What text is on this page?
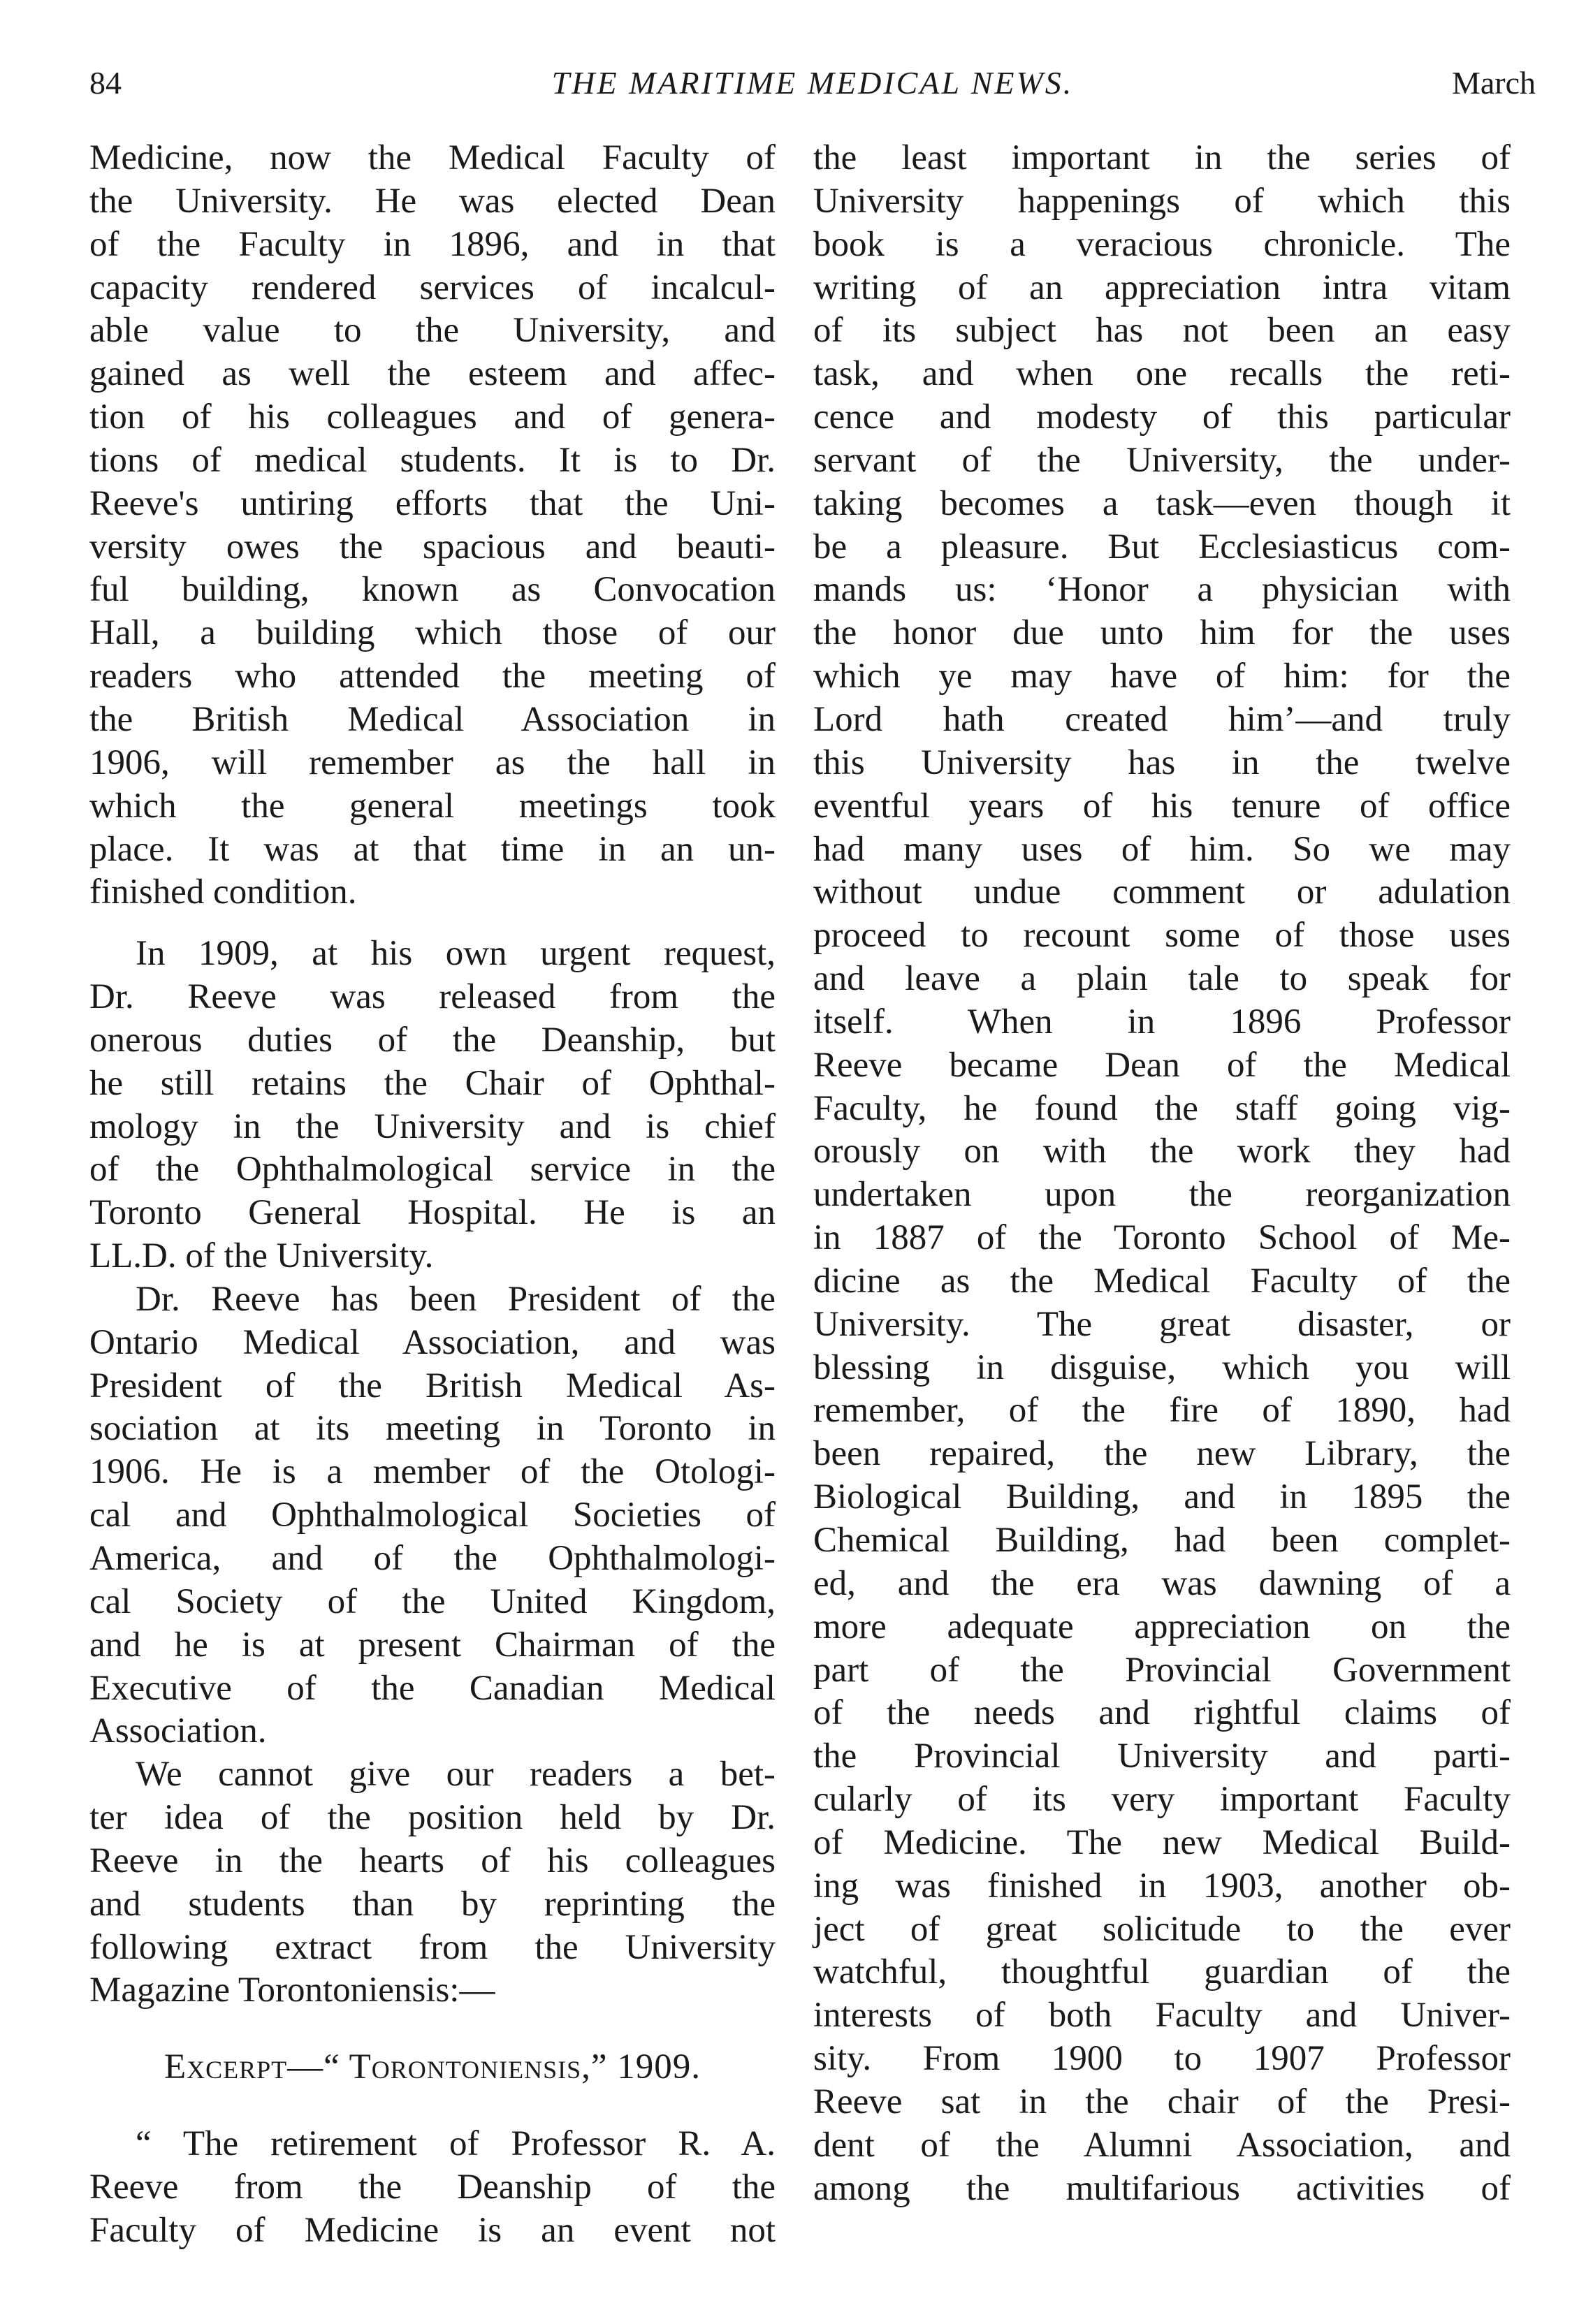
84	THE MARITIME MEDICAL NEWS.	March
Medicine, now the Medical Faculty of
the University. He was elected Dean
of the Faculty in 1896, and in that
capacity rendered services of incalcul-
able value to the University, and
gained as well the esteem and affec-
tion of his colleagues and of genera-
tions of medical students. It is to Dr.
Reeve's untiring efforts that the Uni-
versity owes the spacious and beauti-
ful building, known as Convocation
Hall, a building which those of our
readers who attended the meeting of
the British Medical Association in
1906, will remember as the hall in
which the general meetings took
place. It was at that time in an un-
finished condition.
In 1909, at his own urgent request,
Dr. Reeve was released from the
onerous duties of the Deanship, but
he still retains the Chair of Ophthal-
mology in the University and is chief
of the Ophthalmological service in the
Toronto General Hospital. He is an
LL.D. of the University.
Dr. Reeve has been President of the
Ontario Medical Association, and was
President of the British Medical As-
sociation at its meeting in Toronto in
1906. He is a member of the Otologi-
cal and Ophthalmological Societies of
America, and of the Ophthalmologi-
cal Society of the United Kingdom,
and he is at present Chairman of the
Executive of the Canadian Medical
Association.
We cannot give our readers a bet-
ter idea of the position held by Dr.
Reeve in the hearts of his colleagues
and students than by reprinting the
following extract from the University
Magazine Torontoniensis:—
Excerpt—“ Torontoniensis,” 1909.
“ The retirement of Professor R. A.
Reeve from the Deanship of the
Faculty of Medicine is an event not
the least important in the series of
University happenings of which this
book is a veracious chronicle. The
writing of an appreciation intra vitam
of its subject has not been an easy
task, and when one recalls the reti-
cence and modesty of this particular
servant of the University, the under-
taking becomes a task—even though it
be a pleasure. But Ecclesiasticus com-
mands us: ‘Honor a physician with
the honor due unto him for the uses
which ye may have of him: for the
Lord hath created him’—and truly
this University has in the twelve
eventful years of his tenure of office
had many uses of him. So we may
without undue comment or adulation
proceed to recount some of those uses
and leave a plain tale to speak for
itself. When in 1896 Professor
Reeve became Dean of the Medical
Faculty, he found the staff going vig-
orously on with the work they had
undertaken upon the reorganization
in 1887 of the Toronto School of Me-
dicine as the Medical Faculty of the
University. The great disaster, or
blessing in disguise, which you will
remember, of the fire of 1890, had
been repaired, the new Library, the
Biological Building, and in 1895 the
Chemical Building, had been complet-
ed, and the era was dawning of a
more adequate appreciation on the
part of the Provincial Government
of the needs and rightful claims of
the Provincial University and parti-
cularly of its very important Faculty
of Medicine. The new Medical Build-
ing was finished in 1903, another ob-
ject of great solicitude to the ever
watchful, thoughtful guardian of the
interests of both Faculty and Univer-
sity. From 1900 to 1907 Professor
Reeve sat in the chair of the Presi-
dent of the Alumni Association, and
among the multifarious activities of
